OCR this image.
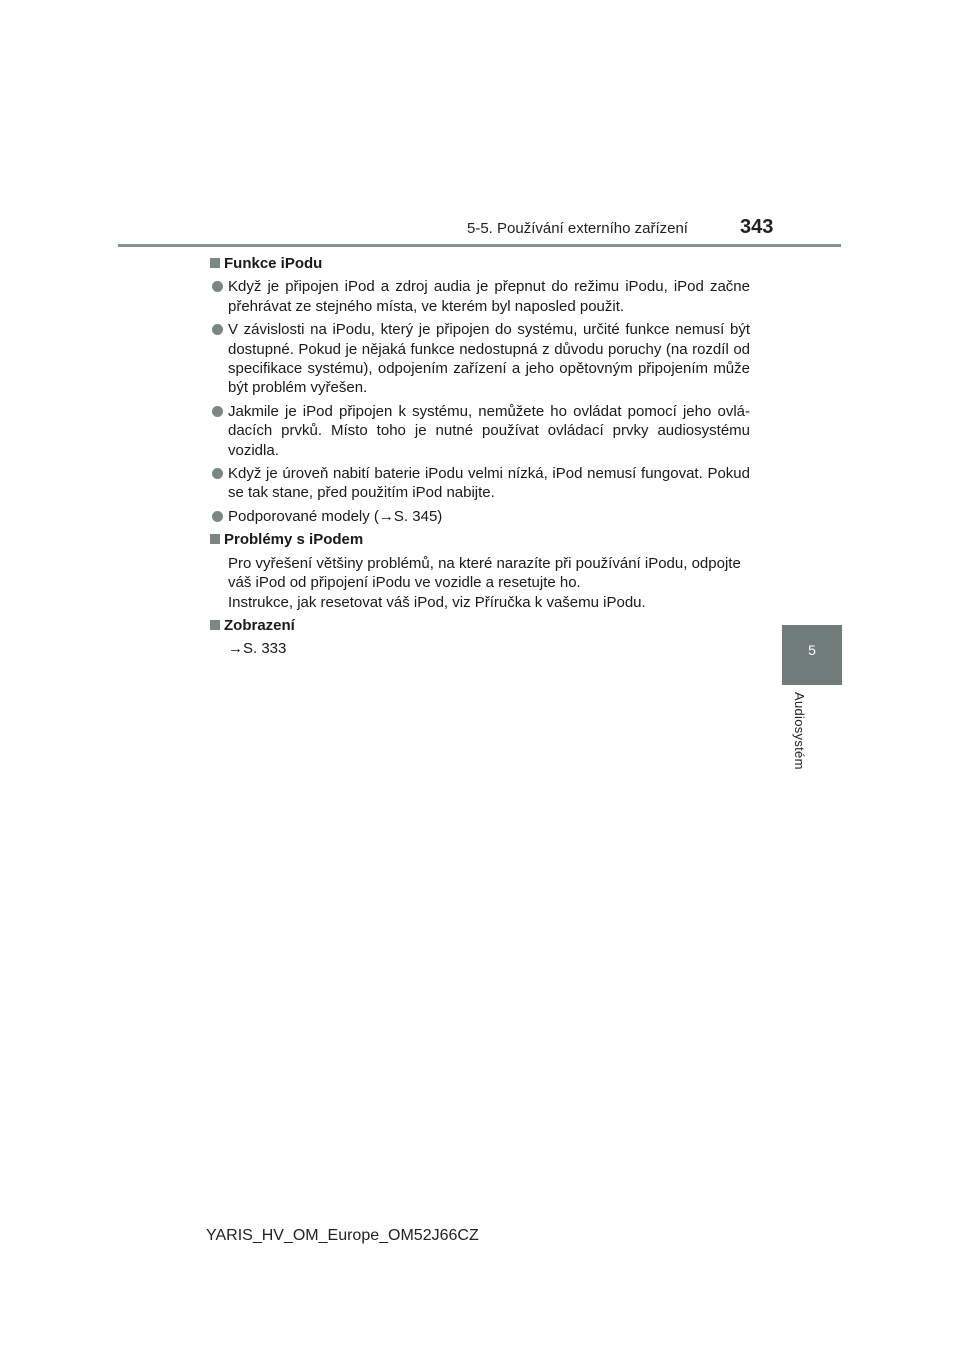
5-5. Používání externího zařízení	343
5
Audiosystém
Funkce iPodu
Když je připojen iPod a zdroj audia je přepnut do režimu iPodu, iPod začne přehrávat ze stejného místa, ve kterém byl naposled použit.
V závislosti na iPodu, který je připojen do systému, určité funkce nemusí být dostupné. Pokud je nějaká funkce nedostupná z důvodu poruchy (na rozdíl od specifikace systému), odpojením zařízení a jeho opětovným připojením může být problém vyřešen.
Jakmile je iPod připojen k systému, nemůžete ho ovládat pomocí jeho ovlá-dacích prvků. Místo toho je nutné používat ovládací prvky audiosystému vozidla.
Když je úroveň nabití baterie iPodu velmi nízká, iPod nemusí fungovat. Pokud se tak stane, před použitím iPod nabijte.
Podporované modely (→S. 345)
Problémy s iPodem
Pro vyřešení většiny problémů, na které narazíte při používání iPodu, odpojte váš iPod od připojení iPodu ve vozidle a resetujte ho.
Instrukce, jak resetovat váš iPod, viz Příručka k vašemu iPodu.
Zobrazení
→S. 333
YARIS_HV_OM_Europe_OM52J66CZ
